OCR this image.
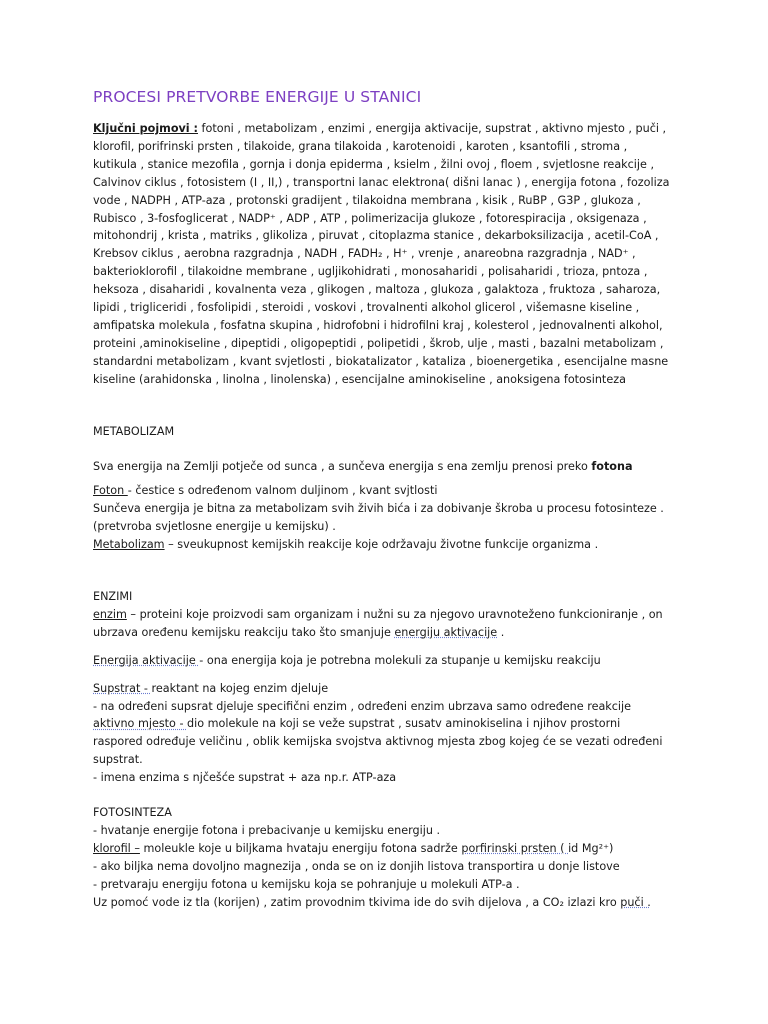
PROCESI PRETVORBE ENERGIJE U STANICI
Ključni pojmovi : fotoni , metabolizam , enzimi , energija aktivacije, supstrat , aktivno mjesto , puči ,
klorofil, porifrinski prsten , tilakoide, grana tilakoida , karotenoidi , karoten , ksantofili , stroma ,
kutikula , stanice mezofila , gornja i donja epiderma , ksielm , žilni ovoj , floem , svjetlosne reakcije ,
Calvinov ciklus , fotosistem (I , II,) , transportni lanac elektrona( dišni lanac ) , energija fotona , fozoliza
vode , NADPH , ATP-aza , protonski gradijent , tilakoidna membrana , kisik , RuBP , G3P , glukoza ,
Rubisco , 3-fosfoglicerat , NADP⁺ , ADP , ATP , polimerizacija glukoze , fotorespiracija , oksigenaza ,
mitohondrij , krista , matriks , glikoliza , piruvat , citoplazma stanice , dekarboksilizacija , acetil-CoA ,
Krebsov ciklus , aerobna razgradnja , NADH , FADH₂ , H⁺ , vrenje , anareobna razgradnja , NAD⁺ ,
bakterioklorofil , tilakoidne membrane , ugljikohidrati , monosaharidi , polisaharidi , trioza, pntoza ,
heksoza , disaharidi , kovalnenta veza , glikogen , maltoza , glukoza , galaktoza , fruktoza , saharoza,
lipidi , trigliceridi , fosfolipidi , steroidi , voskovi , trovalnenti alkohol glicerol , višemasne kiseline ,
amfipatska molekula , fosfatna skupina , hidrofobni i hidrofilni kraj , kolesterol , jednovalnenti alkohol,
proteini ,aminokiseline , dipeptidi , oligopeptidi , polipetidi , škrob, ulje , masti , bazalni metabolizam ,
standardni metabolizam , kvant svjetlosti , biokatalizator , kataliza , bioenergetika , esencijalne masne
kiseline (arahidonska , linolna , linolenska) , esencijalne aminokiseline , anoksigena fotosinteza
METABOLIZAM
Sva energija na Zemlji potječe od sunca , a sunčeva energija s ena zemlju prenosi preko fotona
Foton - čestice s određenom valnom duljinom , kvant svjtlosti
Sunčeva energija je bitna za metabolizam svih živih bića i za dobivanje škroba u procesu fotosinteze .
(pretvroba svjetlosne energije u kemijsku) .
Metabolizam – sveukupnost kemijskih reakcije koje održavaju životne funkcije organizma .
ENZIMI
enzim – proteini koje proizvodi sam organizam i nužni su za njegovo uravnoteženo funkcioniranje , on
ubrzava oređenu kemijsku reakciju tako što smanjuje energiju aktivacije .
Energija aktivacije - ona energija koja je potrebna molekuli za stupanje u kemijsku reakciju
Supstrat - reaktant na kojeg enzim djeluje
- na određeni supsrat djeluje specifični enzim , određeni enzim ubrzava samo određene reakcije
aktivno mjesto - dio molekule na koji se veže supstrat , susatv aminokiselina i njihov prostorni
raspored određuje veličinu , oblik kemijska svojstva aktivnog mjesta zbog kojeg će se vezati određeni
supstrat.
- imena enzima s njčešće supstrat + aza np.r. ATP-aza
FOTOSINTEZA
- hvatanje energije fotona i prebacivanje u kemijsku energiju .
klorofil – moleukle koje u biljkama hvataju energiju fotona sadrže porfirinski prsten ( id Mg²⁺)
- ako biljka nema dovoljno magnezija , onda se on iz donjih listova transportira u donje listove
- pretvaraju energiju fotona u kemijsku koja se pohranjuje u molekuli ATP-a .
Uz pomoć vode iz tla (korijen) , zatim provodnim tkivima ide do svih dijelova , a CO₂ izlazi kro puči .
